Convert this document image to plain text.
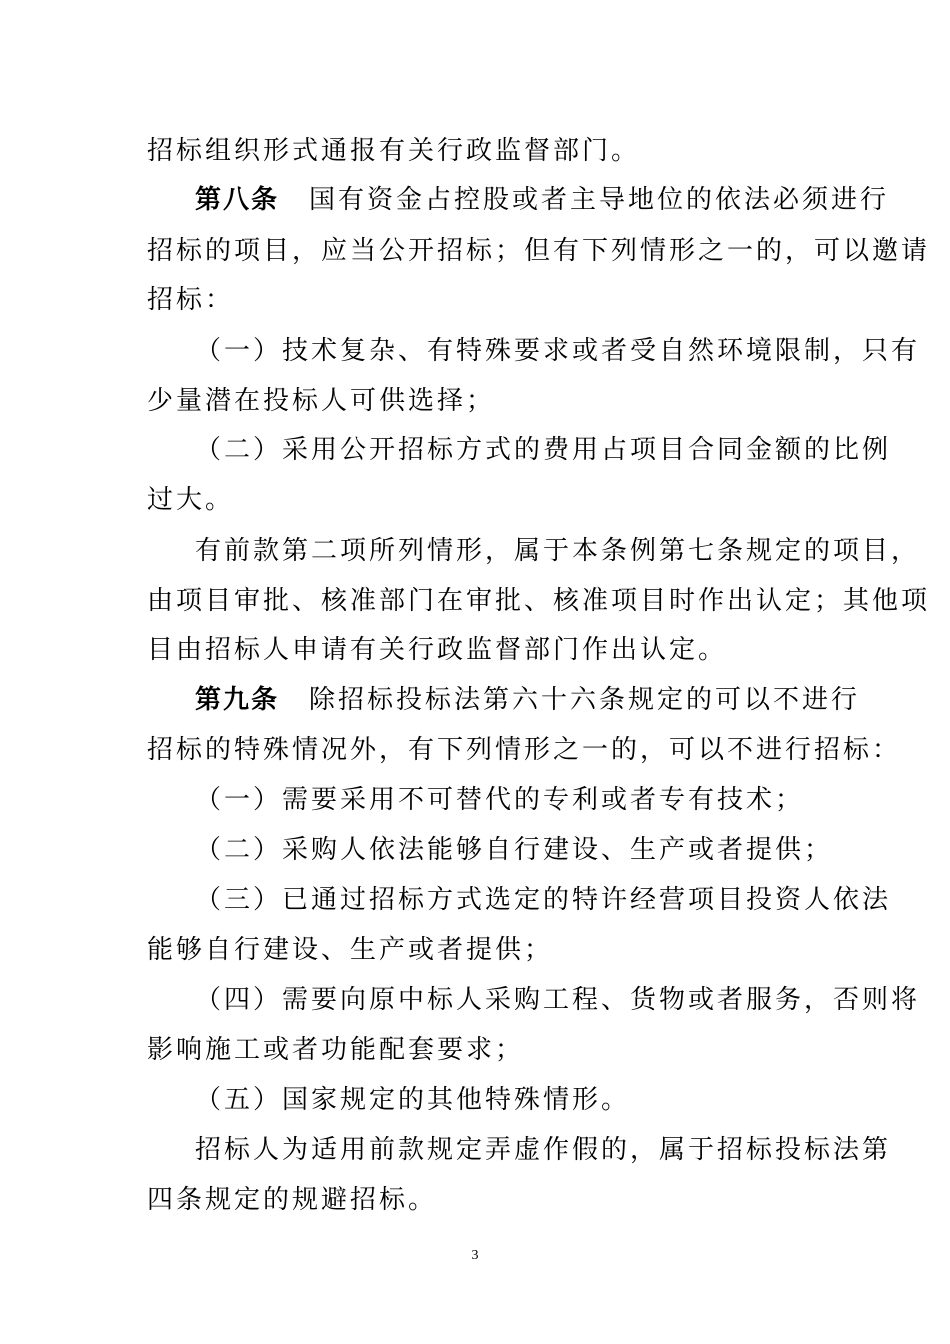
招标组织形式通报有关行政监督部门。
第八条 国有资金占控股或者主导地位的依法必须进行
招标的项目，应当公开招标；但有下列情形之一的，可以邀请
招标：
（一）技术复杂、有特殊要求或者受自然环境限制，只有
少量潜在投标人可供选择；
（二）采用公开招标方式的费用占项目合同金额的比例
过大。
有前款第二项所列情形，属于本条例第七条规定的项目，
由项目审批、核准部门在审批、核准项目时作出认定；其他项
目由招标人申请有关行政监督部门作出认定。
第九条 除招标投标法第六十六条规定的可以不进行
招标的特殊情况外，有下列情形之一的，可以不进行招标：
（一）需要采用不可替代的专利或者专有技术；
（二）采购人依法能够自行建设、生产或者提供；
（三）已通过招标方式选定的特许经营项目投资人依法
能够自行建设、生产或者提供；
（四）需要向原中标人采购工程、货物或者服务，否则将
影响施工或者功能配套要求；
（五）国家规定的其他特殊情形。
招标人为适用前款规定弄虚作假的，属于招标投标法第
四条规定的规避招标。
3
